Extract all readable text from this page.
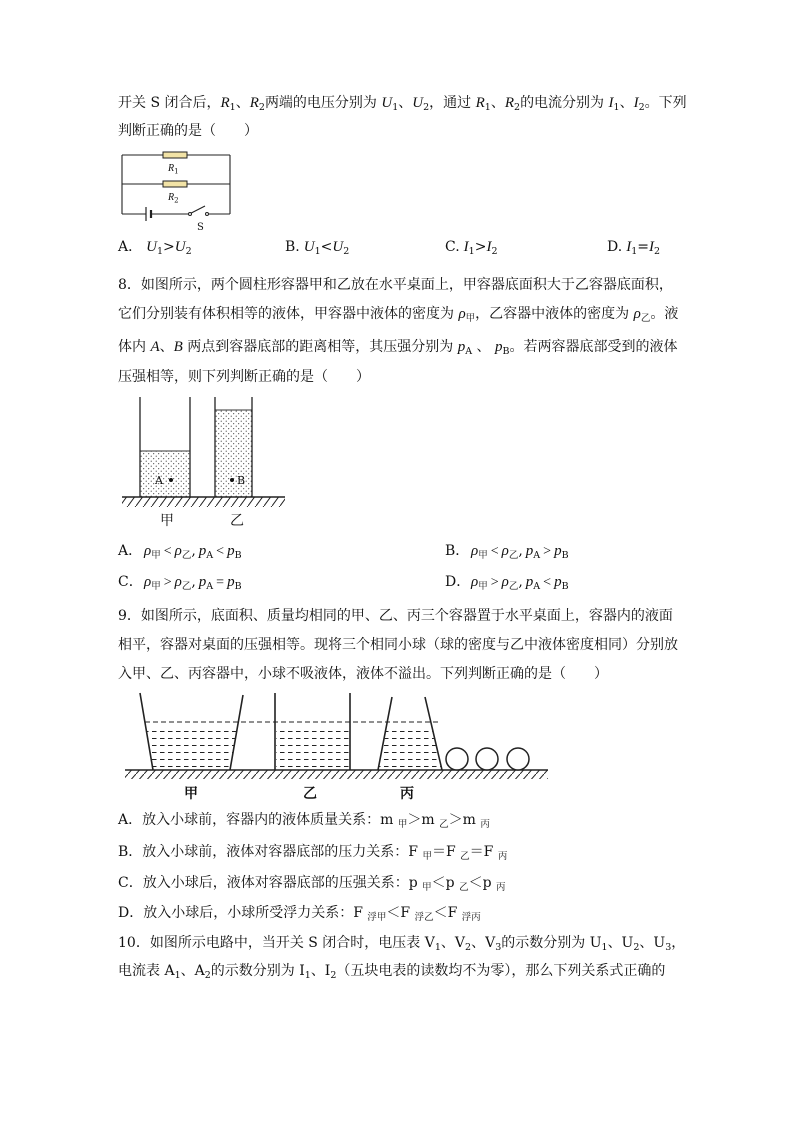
开关 S 闭合后，$R_1$、$R_2$两端的电压分别为 $U_1$、$U_2$，通过 $R_1$、$R_2$的电流分别为 $I_1$、$I_2$。下列
判断正确的是（　　）
$R_1$
$R_2$
S
A． $U_1>U_2$	B. $U_1<U_2$	C. $I_1>I_2$	D. $I_1=I_2$
8．如图所示，两个圆柱形容器甲和乙放在水平桌面上，甲容器底面积大于乙容器底面积，
它们分别装有体积相等的液体，甲容器中液体的密度为 $\rho_甲$，乙容器中液体的密度为 $\rho_乙$。液
体内 A、B 两点到容器底部的距离相等，其压强分别为 $p_A$ 、 $p_B$。若两容器底部受到的液体
压强相等，则下列判断正确的是（　　）
A	B
甲	乙
A． $\rho_甲 < \rho_乙$, $p_A < p_B$	B． $\rho_甲 < \rho_乙$, $p_A > p_B$
C．$\rho_甲 > \rho_乙$, $p_A = p_B$	D．$\rho_甲 > \rho_乙$, $p_A < p_B$
9．如图所示，底面积、质量均相同的甲、乙、丙三个容器置于水平桌面上，容器内的液面
相平，容器对桌面的压强相等。现将三个相同小球（球的密度与乙中液体密度相同）分别放
入甲、乙、丙容器中，小球不吸液体，液体不溢出。下列判断正确的是（　　）
甲	乙	丙
A．放入小球前，容器内的液体质量关系：m $_甲$＞m $_乙$＞m $_丙$
B．放入小球前，液体对容器底部的压力关系：F $_甲$＝F $_乙$＝F $_丙$
C．放入小球后，液体对容器底部的压强关系：p $_甲$＜p $_乙$＜p $_丙$
D．放入小球后，小球所受浮力关系：F $_{浮甲}$＜F $_{浮乙}$＜F $_{浮丙}$
10．如图所示电路中，当开关 S 闭合时，电压表 $V_1$、$V_2$、$V_3$的示数分别为 $U_1$、$U_2$、$U_3$，
电流表 $A_1$、$A_2$的示数分别为 $I_1$、$I_2$（五块电表的读数均不为零），那么下列关系式正确的
